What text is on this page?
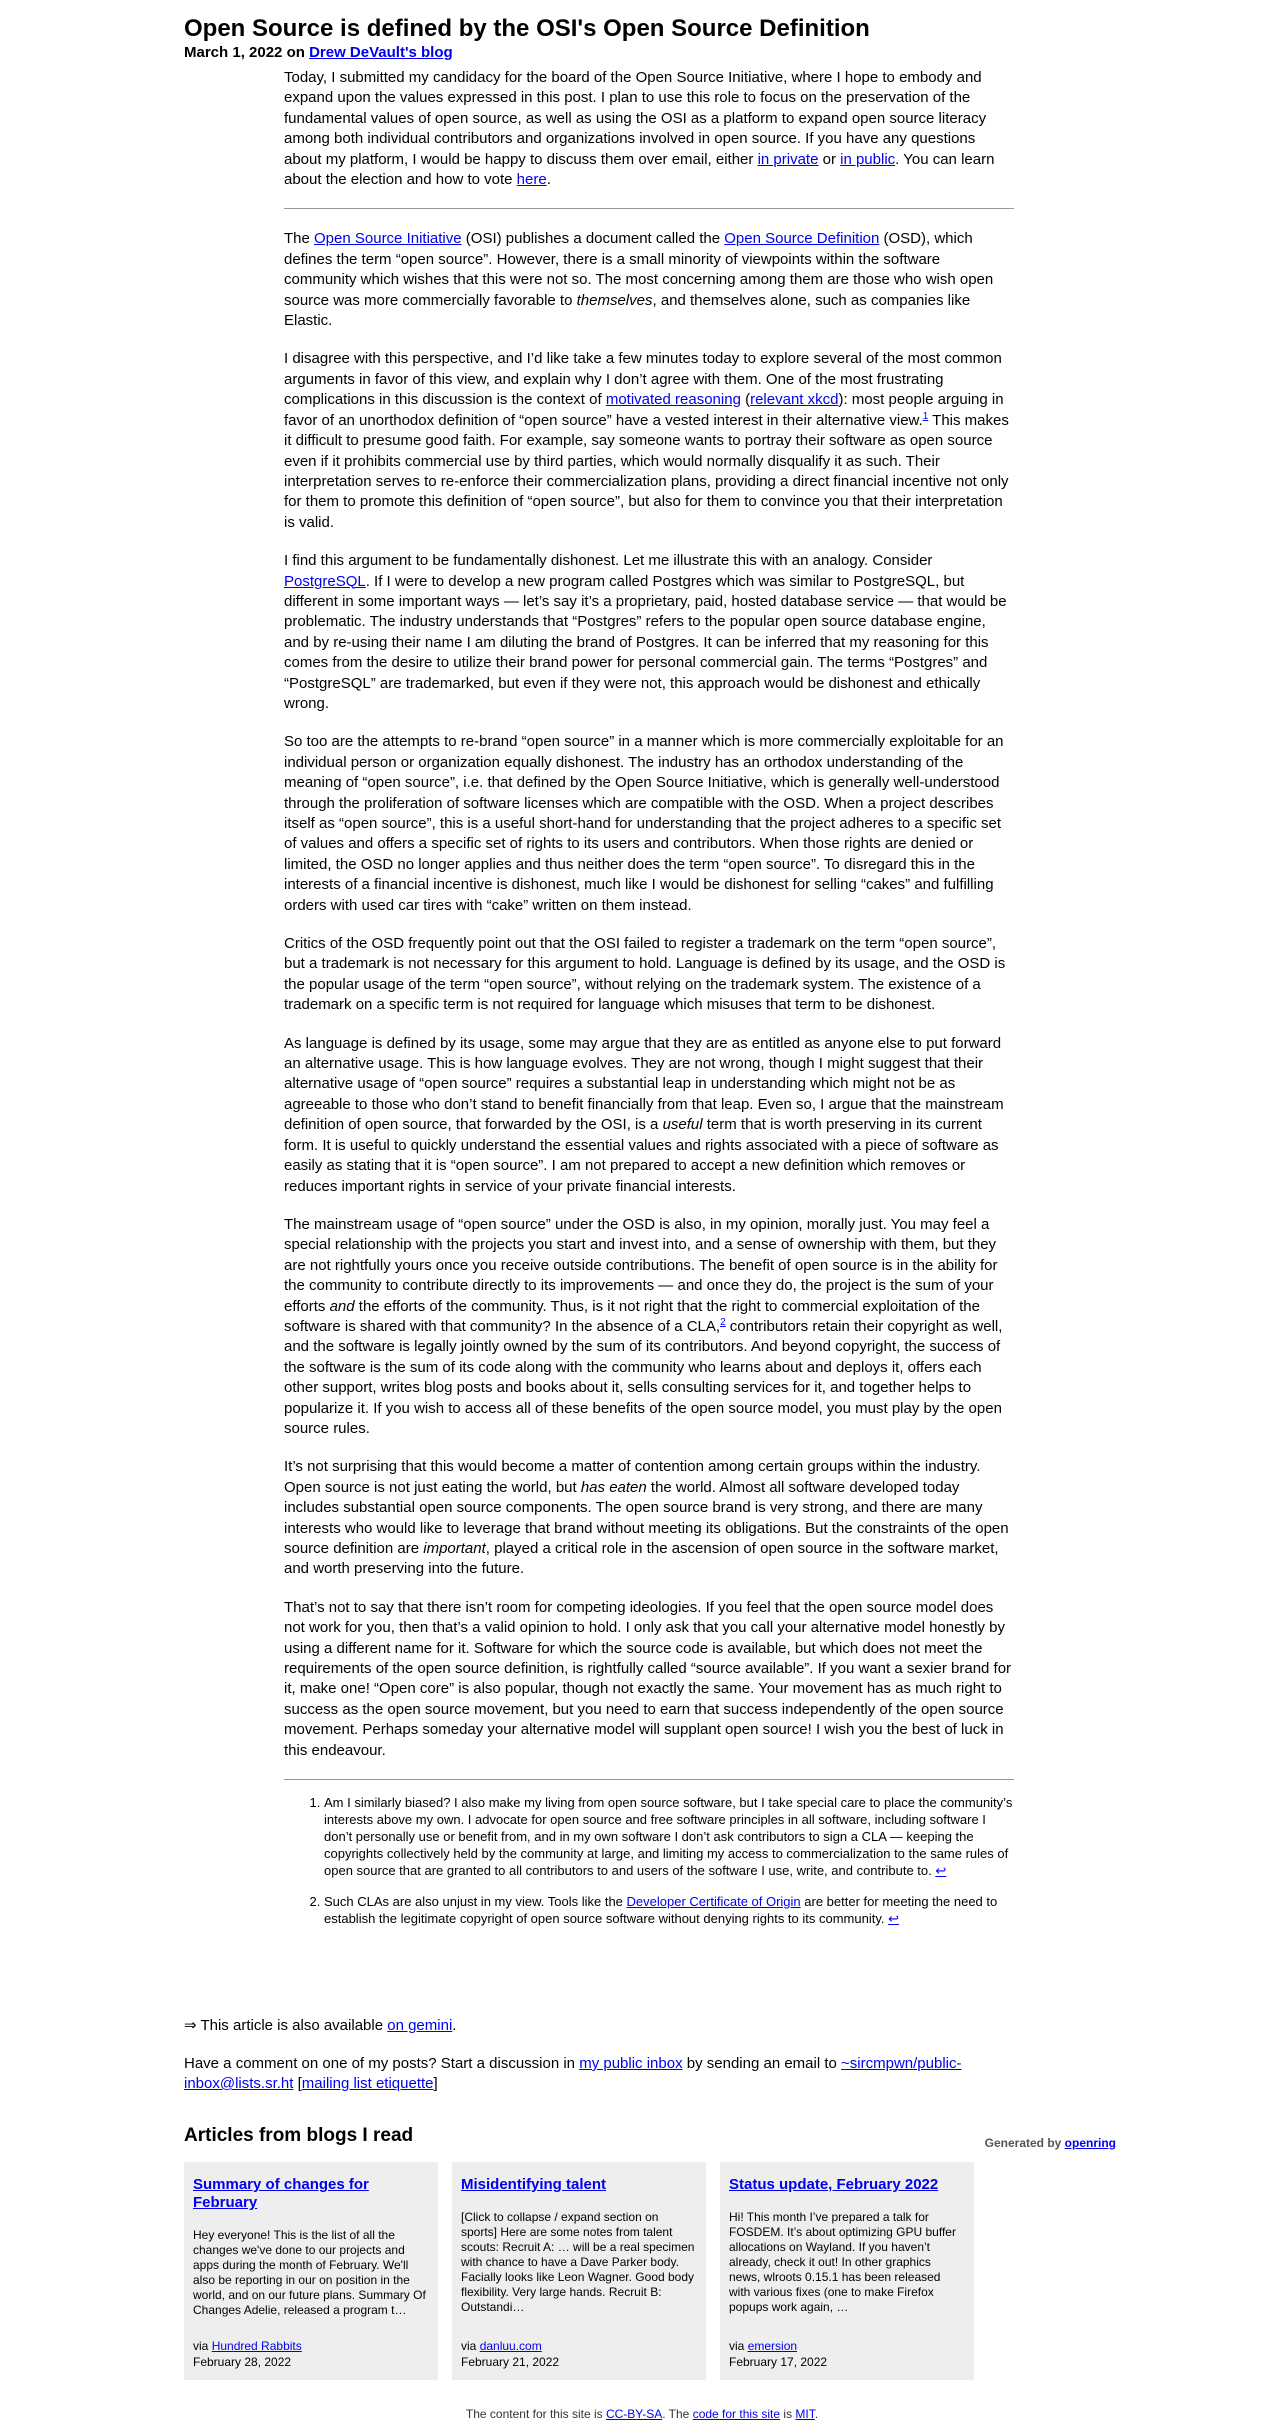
Open Source is defined by the OSI's Open Source Definition

March 1, 2022 on Drew DeVault's blog

Today, I submitted my candidacy for the board of the Open Source Initiative, where I hope to embody and expand upon the values expressed in this post. I plan to use this role to focus on the preservation of the fundamental values of open source, as well as using the OSI as a platform to expand open source literacy among both individual contributors and organizations involved in open source. If you have any questions about my platform, I would be happy to discuss them over email, either in private or in public. You can learn about the election and how to vote here.

The Open Source Initiative (OSI) publishes a document called the Open Source Definition (OSD), which defines the term “open source”. However, there is a small minority of viewpoints within the software community which wishes that this were not so. The most concerning among them are those who wish open source was more commercially favorable to themselves, and themselves alone, such as companies like Elastic.

I disagree with this perspective, and I’d like take a few minutes today to explore several of the most common arguments in favor of this view, and explain why I don’t agree with them. One of the most frustrating complications in this discussion is the context of motivated reasoning (relevant xkcd): most people arguing in favor of an unorthodox definition of “open source” have a vested interest in their alternative view.$^1$ This makes it difficult to presume good faith. For example, say someone wants to portray their software as open source even if it prohibits commercial use by third parties, which would normally disqualify it as such. Their interpretation serves to re-enforce their commercialization plans, providing a direct financial incentive not only for them to promote this definition of “open source”, but also for them to convince you that their interpretation is valid.

I find this argument to be fundamentally dishonest. Let me illustrate this with an analogy. Consider PostgreSQL. If I were to develop a new program called Postgres which was similar to PostgreSQL, but different in some important ways — let’s say it’s a proprietary, paid, hosted database service — that would be problematic. The industry understands that “Postgres” refers to the popular open source database engine, and by re-using their name I am diluting the brand of Postgres. It can be inferred that my reasoning for this comes from the desire to utilize their brand power for personal commercial gain. The terms “Postgres” and “PostgreSQL” are trademarked, but even if they were not, this approach would be dishonest and ethically wrong.

So too are the attempts to re-brand “open source” in a manner which is more commercially exploitable for an individual person or organization equally dishonest. The industry has an orthodox understanding of the meaning of “open source”, i.e. that defined by the Open Source Initiative, which is generally well-understood through the proliferation of software licenses which are compatible with the OSD. When a project describes itself as “open source”, this is a useful short-hand for understanding that the project adheres to a specific set of values and offers a specific set of rights to its users and contributors. When those rights are denied or limited, the OSD no longer applies and thus neither does the term “open source”. To disregard this in the interests of a financial incentive is dishonest, much like I would be dishonest for selling “cakes” and fulfilling orders with used car tires with “cake” written on them instead.

Critics of the OSD frequently point out that the OSI failed to register a trademark on the term “open source”, but a trademark is not necessary for this argument to hold. Language is defined by its usage, and the OSD is the popular usage of the term “open source”, without relying on the trademark system. The existence of a trademark on a specific term is not required for language which misuses that term to be dishonest.

As language is defined by its usage, some may argue that they are as entitled as anyone else to put forward an alternative usage. This is how language evolves. They are not wrong, though I might suggest that their alternative usage of “open source” requires a substantial leap in understanding which might not be as agreeable to those who don’t stand to benefit financially from that leap. Even so, I argue that the mainstream definition of open source, that forwarded by the OSI, is a useful term that is worth preserving in its current form. It is useful to quickly understand the essential values and rights associated with a piece of software as easily as stating that it is “open source”. I am not prepared to accept a new definition which removes or reduces important rights in service of your private financial interests.

The mainstream usage of “open source” under the OSD is also, in my opinion, morally just. You may feel a special relationship with the projects you start and invest into, and a sense of ownership with them, but they are not rightfully yours once you receive outside contributions. The benefit of open source is in the ability for the community to contribute directly to its improvements — and once they do, the project is the sum of your efforts and the efforts of the community. Thus, is it not right that the right to commercial exploitation of the software is shared with that community? In the absence of a CLA,$^2$ contributors retain their copyright as well, and the software is legally jointly owned by the sum of its contributors. And beyond copyright, the success of the software is the sum of its code along with the community who learns about and deploys it, offers each other support, writes blog posts and books about it, sells consulting services for it, and together helps to popularize it. If you wish to access all of these benefits of the open source model, you must play by the open source rules.

It’s not surprising that this would become a matter of contention among certain groups within the industry. Open source is not just eating the world, but has eaten the world. Almost all software developed today includes substantial open source components. The open source brand is very strong, and there are many interests who would like to leverage that brand without meeting its obligations. But the constraints of the open source definition are important, played a critical role in the ascension of open source in the software market, and worth preserving into the future.

That’s not to say that there isn’t room for competing ideologies. If you feel that the open source model does not work for you, then that’s a valid opinion to hold. I only ask that you call your alternative model honestly by using a different name for it. Software for which the source code is available, but which does not meet the requirements of the open source definition, is rightfully called “source available”. If you want a sexier brand for it, make one! “Open core” is also popular, though not exactly the same. Your movement has as much right to success as the open source movement, but you need to earn that success independently of the open source movement. Perhaps someday your alternative model will supplant open source! I wish you the best of luck in this endeavour.

1. Am I similarly biased? I also make my living from open source software, but I take special care to place the community’s interests above my own. I advocate for open source and free software principles in all software, including software I don’t personally use or benefit from, and in my own software I don’t ask contributors to sign a CLA — keeping the copyrights collectively held by the community at large, and limiting my access to commercialization to the same rules of open source that are granted to all contributors to and users of the software I use, write, and contribute to. ↩
2. Such CLAs are also unjust in my view. Tools like the Developer Certificate of Origin are better for meeting the need to establish the legitimate copyright of open source software without denying rights to its community. ↩

⇒ This article is also available on gemini.

Have a comment on one of my posts? Start a discussion in my public inbox by sending an email to ~sircmpwn/public-inbox@lists.sr.ht [mailing list etiquette]

Articles from blogs I read	Generated by openring
Summary of changes for February

Hey everyone! This is the list of all the changes we've done to our projects and apps during the month of February. We'll also be reporting in our on position in the world, and on our future plans. Summary Of Changes Adelie, released a program t…

via Hundred Rabbits
February 28, 2022
Misidentifying talent

[Click to collapse / expand section on sports] Here are some notes from talent scouts: Recruit A: … will be a real specimen with chance to have a Dave Parker body. Facially looks like Leon Wagner. Good body flexibility. Very large hands. Recruit B: Outstandi…

via danluu.com
February 21, 2022
Status update, February 2022

Hi! This month I’ve prepared a talk for FOSDEM. It’s about optimizing GPU buffer allocations on Wayland. If you haven’t already, check it out! In other graphics news, wlroots 0.15.1 has been released with various fixes (one to make Firefox popups work again, …

via emersion
February 17, 2022
The content for this site is CC-BY-SA. The code for this site is MIT.
